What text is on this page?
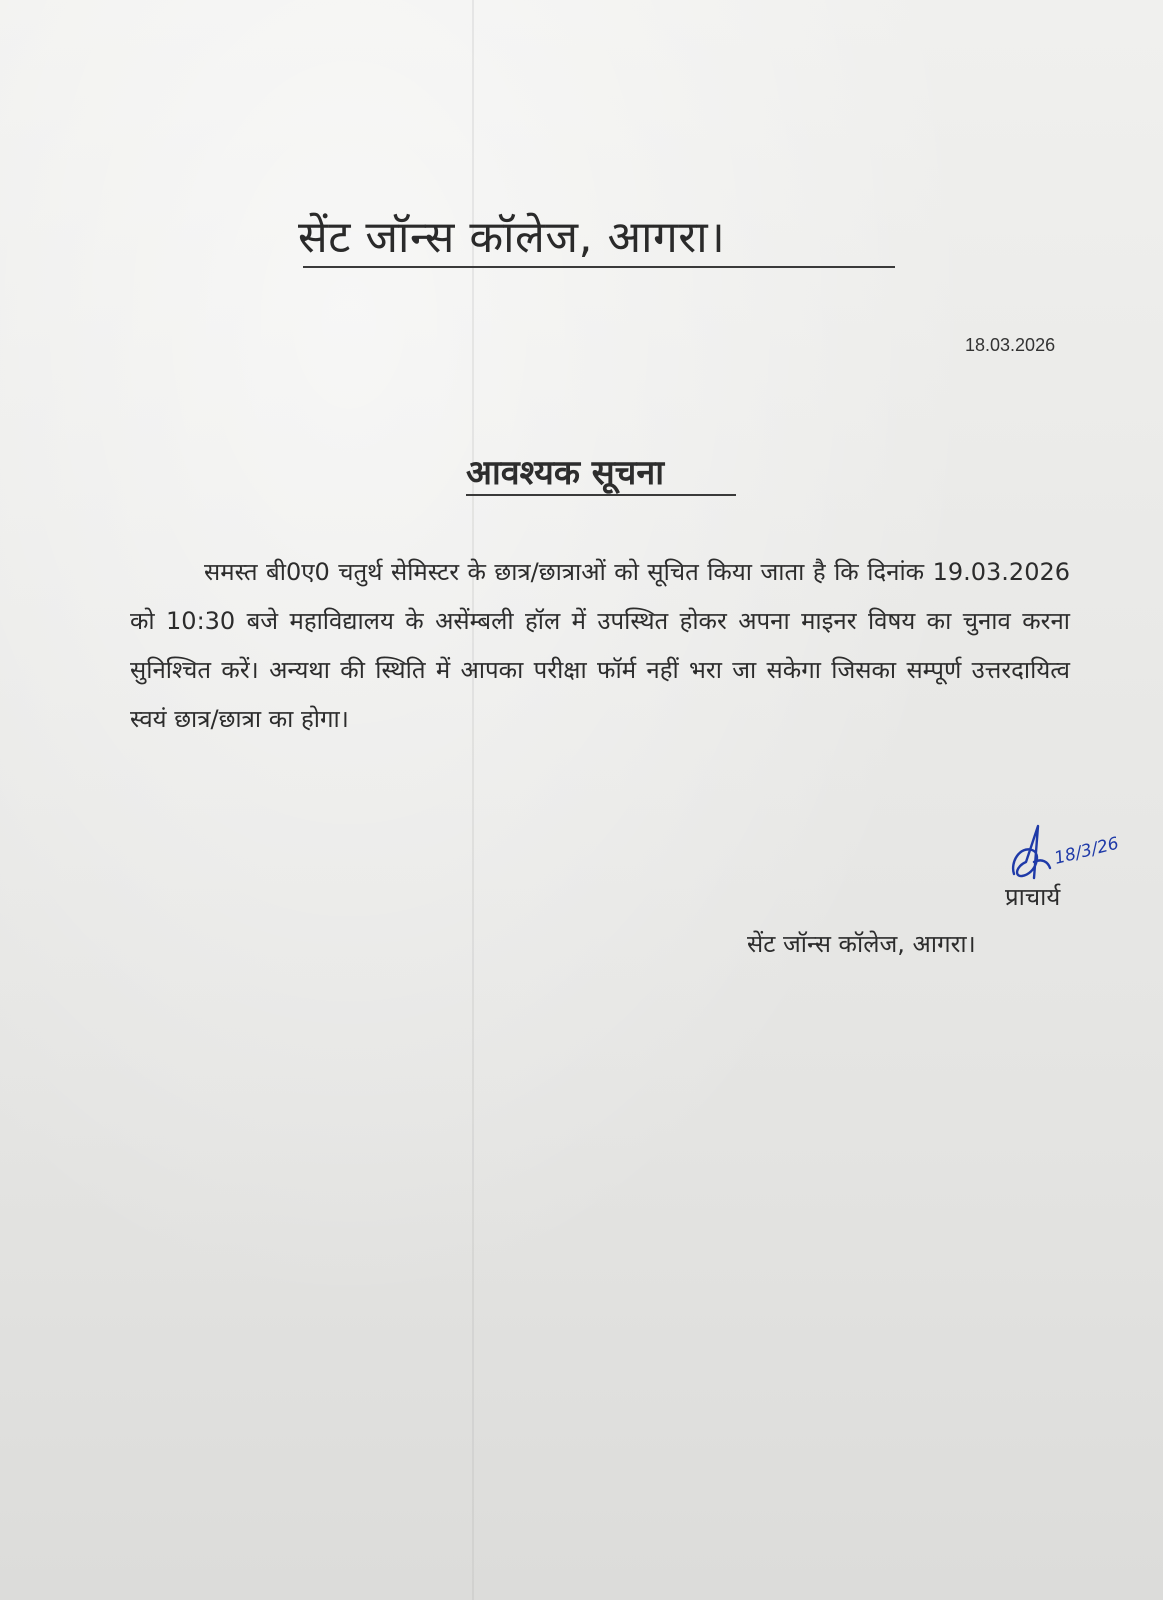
सेंट जॉन्स कॉलेज, आगरा।
18.03.2026
आवश्यक सूचना

समस्त बी0ए0 चतुर्थ सेमिस्टर के छात्र/छात्राओं को सूचित किया जाता है कि दिनांक 19.03.2026 को 10:30 बजे महाविद्यालय के असेंम्बली हॉल में उपस्थित होकर अपना माइनर विषय का चुनाव करना सुनिश्चित करें। अन्यथा की स्थिति में आपका परीक्षा फॉर्म नहीं भरा जा सकेगा जिसका सम्पूर्ण उत्तरदायित्व स्वयं छात्र/छात्रा का होगा।

18/3/26
प्राचार्य
सेंट जॉन्स कॉलेज, आगरा।
